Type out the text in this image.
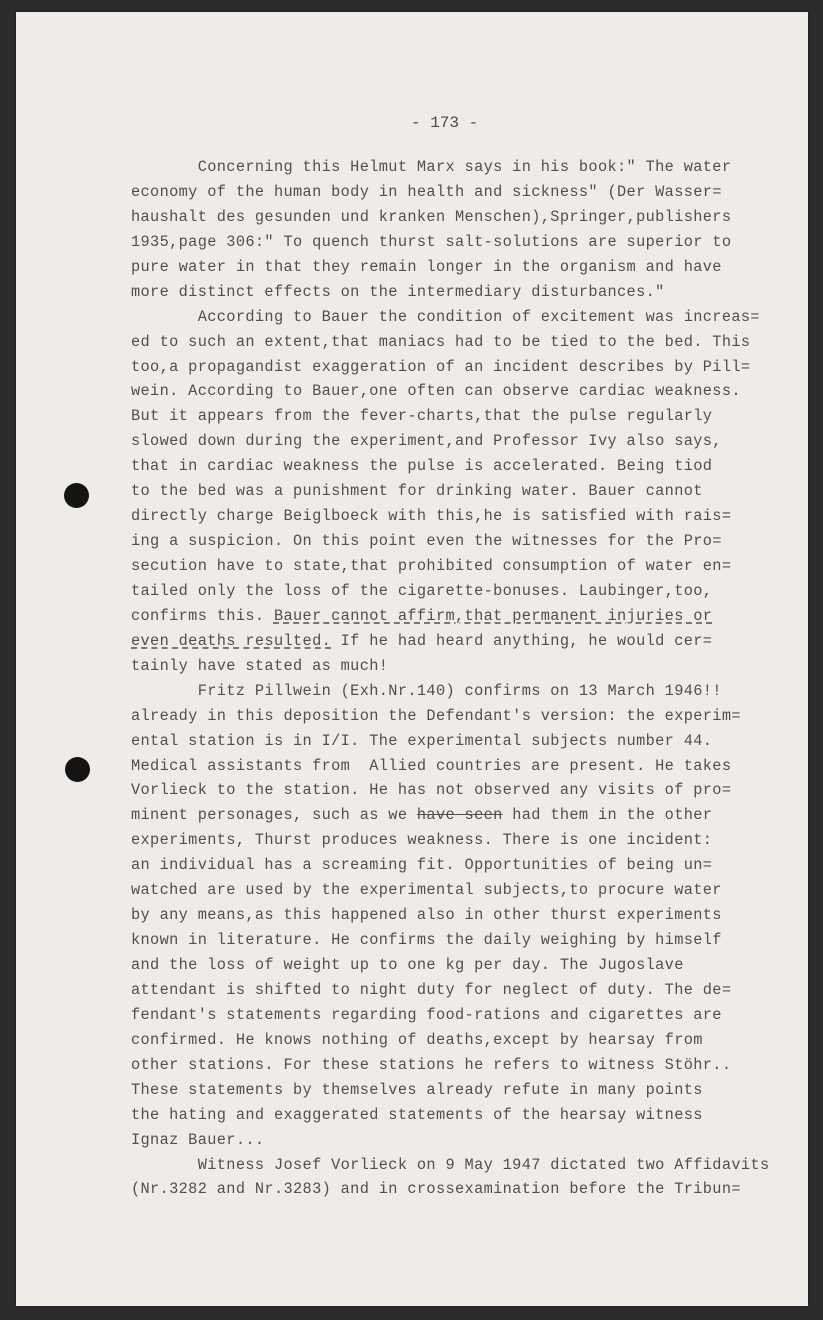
- 173 -
Concerning this Helmut Marx says in his book:" The water
economy of the human body in health and sickness" (Der Wasser=
haushalt des gesunden und kranken Menschen),Springer,publishers
1935,page 306:" To quench thurst salt-solutions are superior to
pure water in that they remain longer in the organism and have
more distinct effects on the intermediary disturbances."
According to Bauer the condition of excitement was increas=
ed to such an extent,that maniacs had to be tied to the bed. This
too,a propagandist exaggeration of an incident describes by Pill=
wein. According to Bauer,one often can observe cardiac weakness.
But it appears from the fever-charts,that the pulse regularly
slowed down during the experiment,and Professor Ivy also says,
that in cardiac weakness the pulse is accelerated. Being tiod
to the bed was a punishment for drinking water. Bauer cannot
directly charge Beiglboeck with this,he is satisfied with rais=
ing a suspicion. On this point even the witnesses for the Pro=
secution have to state,that prohibited consumption of water en=
tailed only the loss of the cigarette-bonuses. Laubinger,too,
confirms this. Bauer cannot affirm,that permanent injuries or
even deaths resulted. If he had heard anything, he would cer=
tainly have stated as much!
Fritz Pillwein (Exh.Nr.140) confirms on 13 March 1946!!
already in this deposition the Defendant's version: the experim=
ental station is in I/I. The experimental subjects number 44.
Medical assistants from  Allied countries are present. He takes
Vorlieck to the station. He has not observed any visits of pro=
minent personages, such as we have seen had them in the other
experiments, Thurst produces weakness. There is one incident:
an individual has a screaming fit. Opportunities of being un=
watched are used by the experimental subjects,to procure water
by any means,as this happened also in other thurst experiments
known in literature. He confirms the daily weighing by himself
and the loss of weight up to one kg per day. The Jugoslave
attendant is shifted to night duty for neglect of duty. The de=
fendant's statements regarding food-rations and cigarettes are
confirmed. He knows nothing of deaths,except by hearsay from
other stations. For these stations he refers to witness Stöhr..
These statements by themselves already refute in many points
the hating and exaggerated statements of the hearsay witness
Ignaz Bauer...
Witness Josef Vorlieck on 9 May 1947 dictated two Affidavits
(Nr.3282 and Nr.3283) and in crossexamination before the Tribun=
